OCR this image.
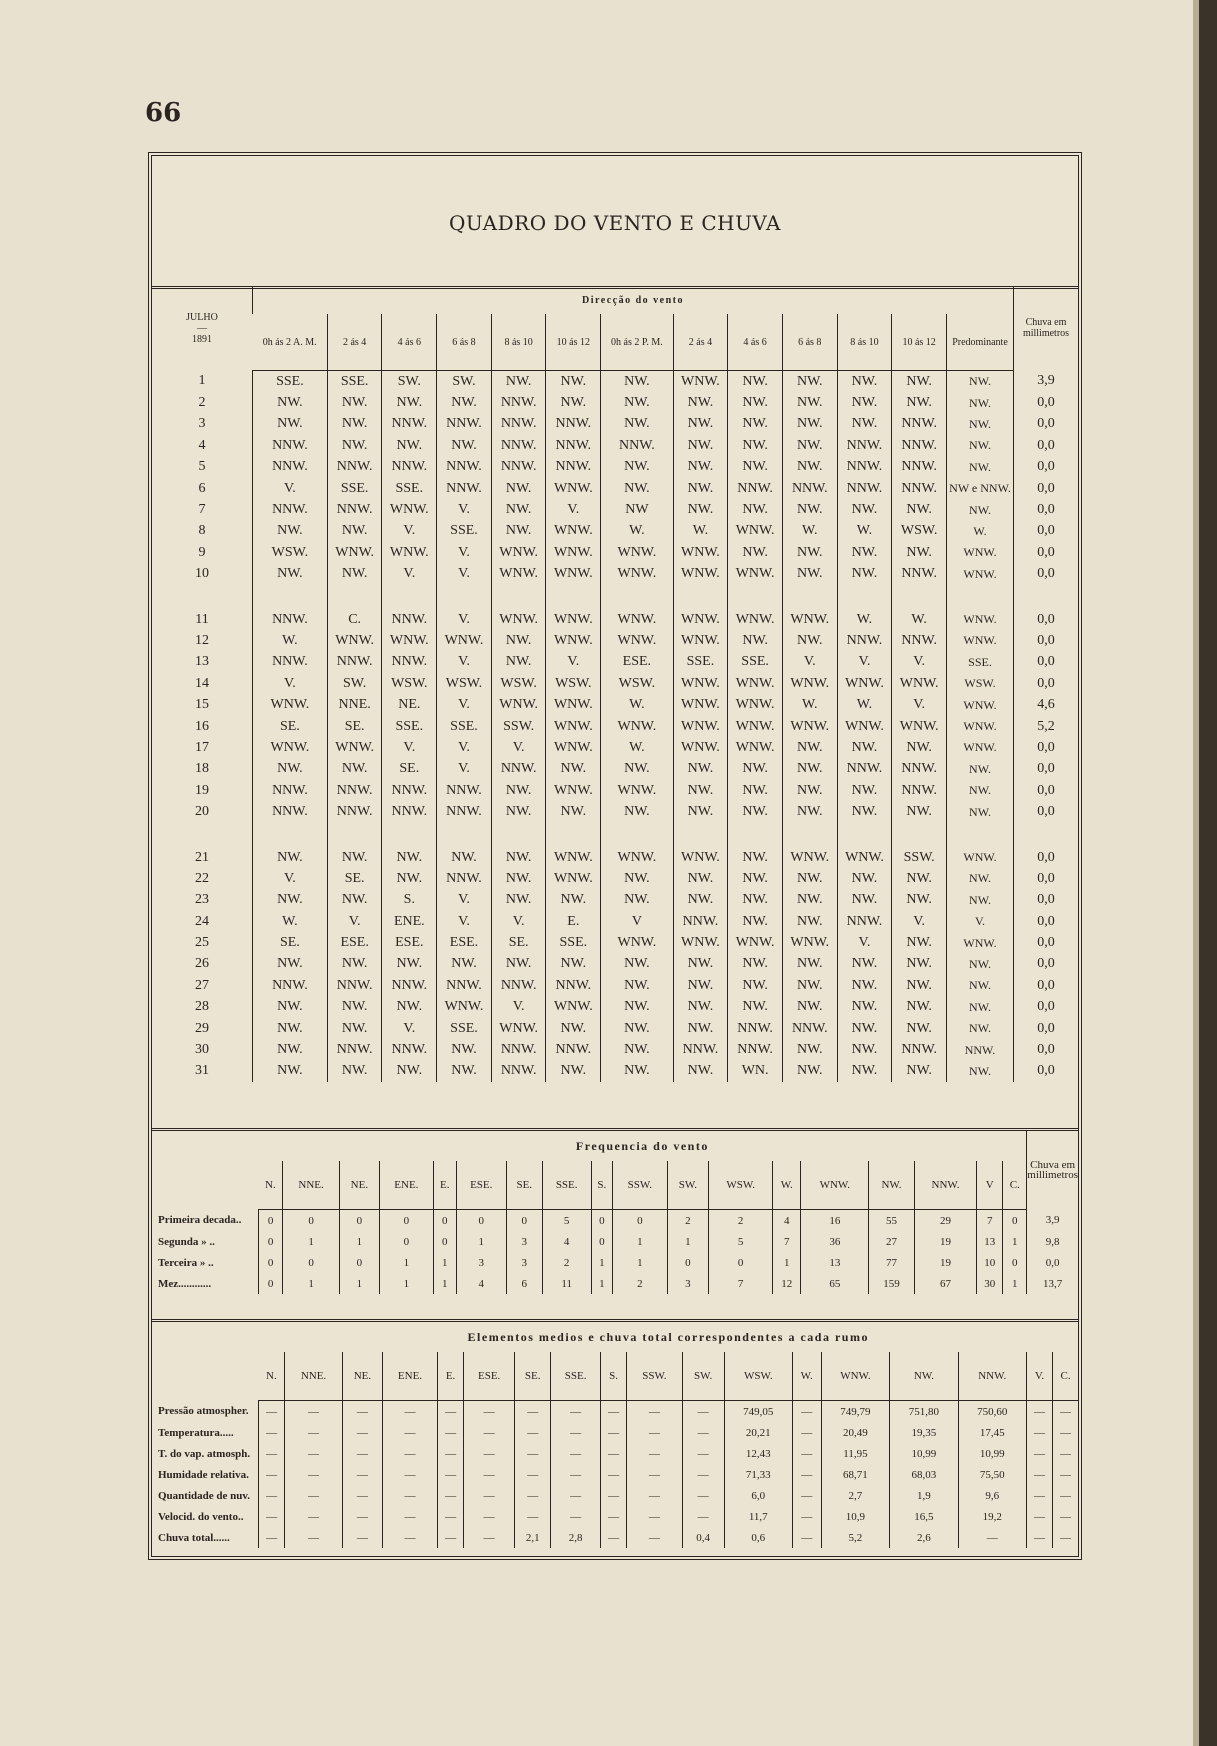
66
QUADRO DO VENTO E CHUVA
JULHO
—
1891	Direcção do vento													Chuva em millimetros
	0h ás 2 A. M.	2 ás 4	4 ás 6	6 ás 8	8 ás 10	10 ás 12	0h ás 2 P. M.	2 ás 4	4 ás 6	6 ás 8	8 ás 10	10 ás 12	Predominante	
1	SSE.	SSE.	SW.	SW.	NW.	NW.	NW.	WNW.	NW.	NW.	NW.	NW.	NW.	3,9
2	NW.	NW.	NW.	NW.	NNW.	NW.	NW.	NW.	NW.	NW.	NW.	NW.	NW.	0,0
3	NW.	NW.	NNW.	NNW.	NNW.	NNW.	NW.	NW.	NW.	NW.	NW.	NNW.	NW.	0,0
4	NNW.	NW.	NW.	NW.	NNW.	NNW.	NNW.	NW.	NW.	NW.	NNW.	NNW.	NW.	0,0
5	NNW.	NNW.	NNW.	NNW.	NNW.	NNW.	NW.	NW.	NW.	NW.	NNW.	NNW.	NW.	0,0
6	V.	SSE.	SSE.	NNW.	NW.	WNW.	NW.	NW.	NNW.	NNW.	NNW.	NNW.	NW e NNW.	0,0
7	NNW.	NNW.	WNW.	V.	NW.	V.	NW	NW.	NW.	NW.	NW.	NW.	NW.	0,0
8	NW.	NW.	V.	SSE.	NW.	WNW.	W.	W.	WNW.	W.	W.	WSW.	W.	0,0
9	WSW.	WNW.	WNW.	V.	WNW.	WNW.	WNW.	WNW.	NW.	NW.	NW.	NW.	WNW.	0,0
10	NW.	NW.	V.	V.	WNW.	WNW.	WNW.	WNW.	WNW.	NW.	NW.	NNW.	WNW.	0,0

11	NNW.	C.	NNW.	V.	WNW.	WNW.	WNW.	WNW.	WNW.	WNW.	W.	W.	WNW.	0,0
12	W.	WNW.	WNW.	WNW.	NW.	WNW.	WNW.	WNW.	NW.	NW.	NNW.	NNW.	WNW.	0,0
13	NNW.	NNW.	NNW.	V.	NW.	V.	ESE.	SSE.	SSE.	V.	V.	V.	SSE.	0,0
14	V.	SW.	WSW.	WSW.	WSW.	WSW.	WSW.	WNW.	WNW.	WNW.	WNW.	WNW.	WSW.	0,0
15	WNW.	NNE.	NE.	V.	WNW.	WNW.	W.	WNW.	WNW.	W.	W.	V.	WNW.	4,6
16	SE.	SE.	SSE.	SSE.	SSW.	WNW.	WNW.	WNW.	WNW.	WNW.	WNW.	WNW.	WNW.	5,2
17	WNW.	WNW.	V.	V.	V.	WNW.	W.	WNW.	WNW.	NW.	NW.	NW.	WNW.	0,0
18	NW.	NW.	SE.	V.	NNW.	NW.	NW.	NW.	NW.	NW.	NNW.	NNW.	NW.	0,0
19	NNW.	NNW.	NNW.	NNW.	NW.	WNW.	WNW.	NW.	NW.	NW.	NW.	NNW.	NW.	0,0
20	NNW.	NNW.	NNW.	NNW.	NW.	NW.	NW.	NW.	NW.	NW.	NW.	NW.	NW.	0,0

21	NW.	NW.	NW.	NW.	NW.	WNW.	WNW.	WNW.	NW.	WNW.	WNW.	SSW.	WNW.	0,0
22	V.	SE.	NW.	NNW.	NW.	WNW.	NW.	NW.	NW.	NW.	NW.	NW.	NW.	0,0
23	NW.	NW.	S.	V.	NW.	NW.	NW.	NW.	NW.	NW.	NW.	NW.	NW.	0,0
24	W.	V.	ENE.	V.	V.	E.	V	NNW.	NW.	NW.	NNW.	V.	V.	0,0
25	SE.	ESE.	ESE.	ESE.	SE.	SSE.	WNW.	WNW.	WNW.	WNW.	V.	NW.	WNW.	0,0
26	NW.	NW.	NW.	NW.	NW.	NW.	NW.	NW.	NW.	NW.	NW.	NW.	NW.	0,0
27	NNW.	NNW.	NNW.	NNW.	NNW.	NNW.	NW.	NW.	NW.	NW.	NW.	NW.	NW.	0,0
28	NW.	NW.	NW.	WNW.	V.	WNW.	NW.	NW.	NW.	NW.	NW.	NW.	NW.	0,0
29	NW.	NW.	V.	SSE.	WNW.	NW.	NW.	NW.	NNW.	NNW.	NW.	NW.	NW.	0,0
30	NW.	NNW.	NNW.	NW.	NNW.	NNW.	NW.	NNW.	NNW.	NW.	NW.	NNW.	NNW.	0,0
31	NW.	NW.	NW.	NW.	NNW.	NW.	NW.	NW.	WN.	NW.	NW.	NW.	NW.	0,0
	Frequencia do vento																		Chuva em millimetros
	N.	NNE.	NE.	ENE.	E.	ESE.	SE.	SSE.	S.	SSW.	SW.	WSW.	W.	WNW.	NW.	NNW.	V	C.	
Primeira decada..	0	0	0	0	0	0	0	5	0	0	2	2	4	16	55	29	7	0	3,9
Segunda » ..	0	1	1	0	0	1	3	4	0	1	1	5	7	36	27	19	13	1	9,8
Terceira » ..	0	0	0	1	1	3	3	2	1	1	0	0	1	13	77	19	10	0	0,0
Mez............	0	1	1	1	1	4	6	11	1	2	3	7	12	65	159	67	30	1	13,7
	Elementos medios e chuva total correspondentes a cada rumo																	
	N.	NNE.	NE.	ENE.	E.	ESE.	SE.	SSE.	S.	SSW.	SW.	WSW.	W.	WNW.	NW.	NNW.	V.	C.
Pressão atmospher.	—	—	—	—	—	—	—	—	—	—	—	749,05	—	749,79	751,80	750,60	—	—
Temperatura.....	—	—	—	—	—	—	—	—	—	—	—	20,21	—	20,49	19,35	17,45	—	—
T. do vap. atmosph.	—	—	—	—	—	—	—	—	—	—	—	12,43	—	11,95	10,99	10,99	—	—
Humidade relativa.	—	—	—	—	—	—	—	—	—	—	—	71,33	—	68,71	68,03	75,50	—	—
Quantidade de nuv.	—	—	—	—	—	—	—	—	—	—	—	6,0	—	2,7	1,9	9,6	—	—
Velocid. do vento..	—	—	—	—	—	—	—	—	—	—	—	11,7	—	10,9	16,5	19,2	—	—
Chuva total......	—	—	—	—	—	—	2,1	2,8	—	—	0,4	0,6	—	5,2	2,6	—	—	—
